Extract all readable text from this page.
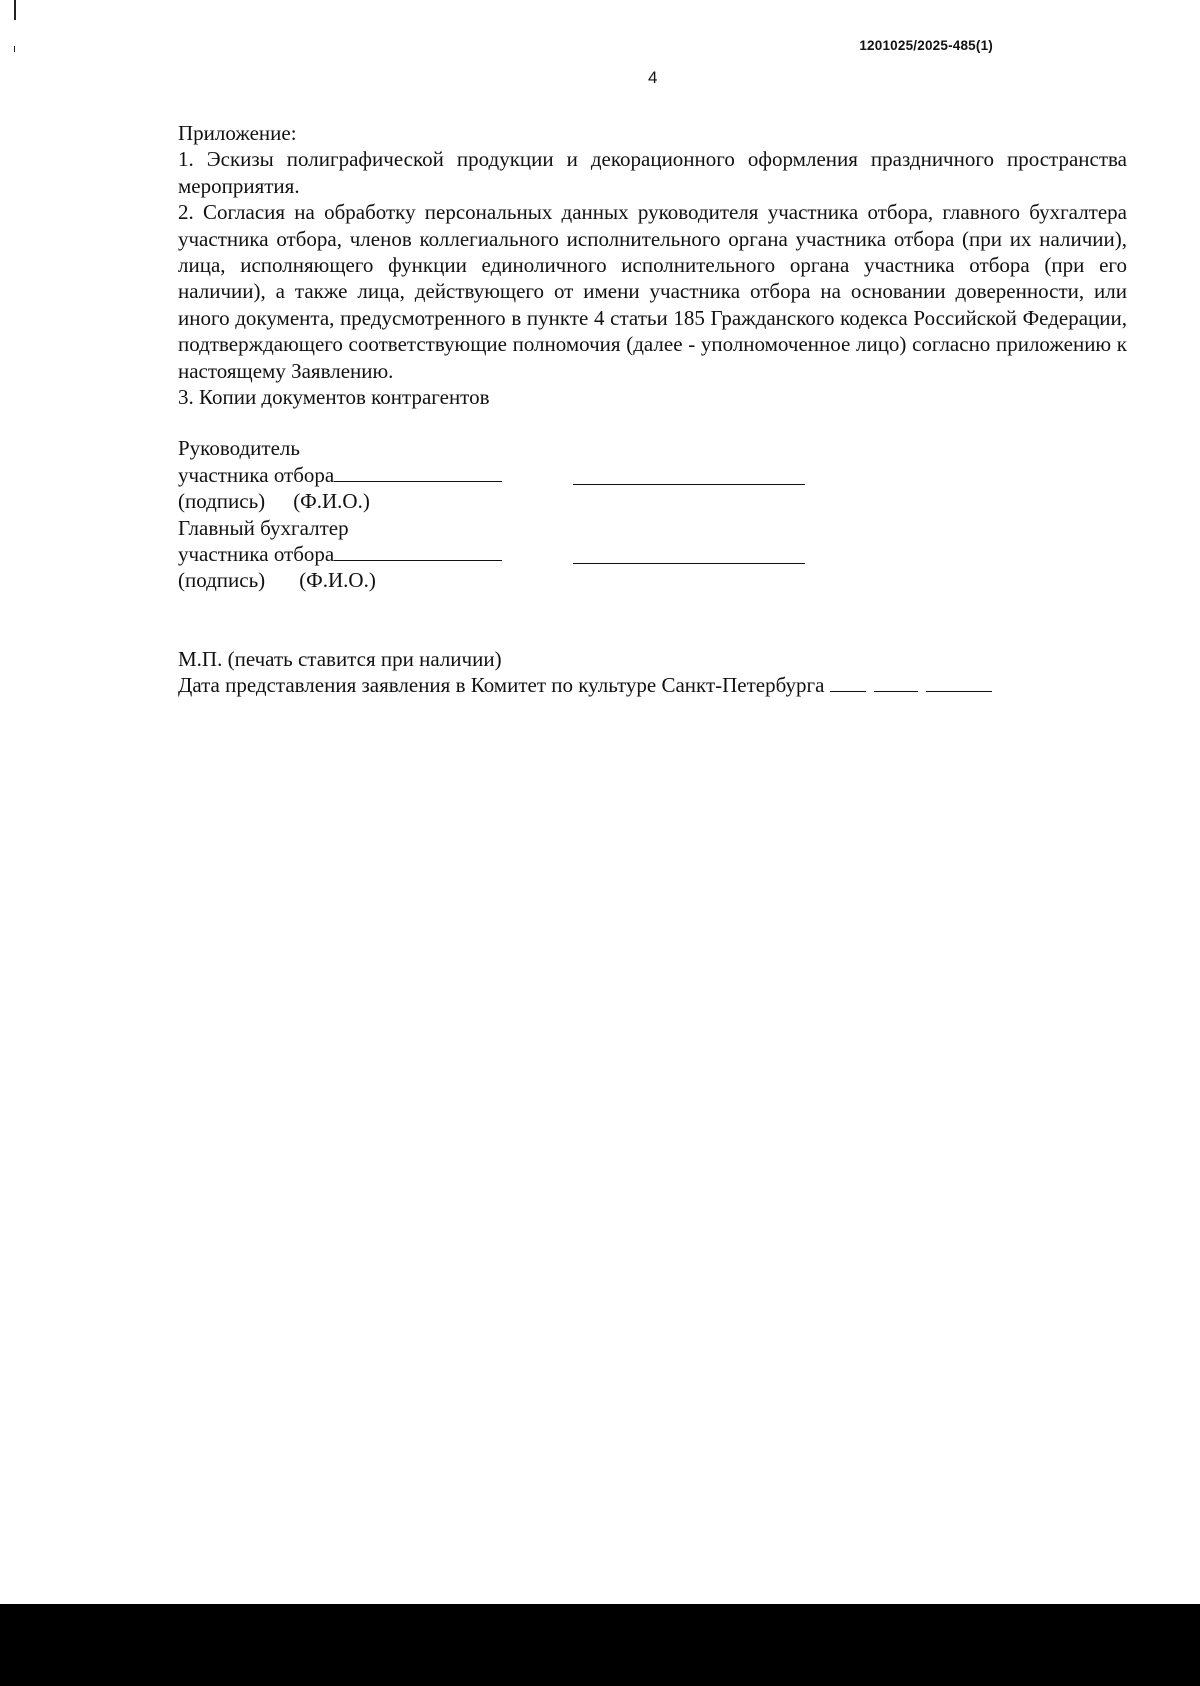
1201025/2025-485(1)
4

Приложение:

1. Эскизы полиграфической продукции и декорационного оформления праздничного пространства мероприятия.

2. Согласия на обработку персональных данных руководителя участника отбора, главного бухгалтера участника отбора, членов коллегиального исполнительного органа участника отбора (при их наличии), лица, исполняющего функции единоличного исполнительного органа участника отбора (при его наличии), а также лица, действующего от имени участника отбора на основании доверенности, или иного документа, предусмотренного в пункте 4 статьи 185 Гражданского кодекса Российской Федерации, подтверждающего соответствующие полномочия (далее - уполномоченное лицо) согласно приложению к настоящему Заявлению.

3. Копии документов контрагентов

Руководитель
участника отбора
(подпись) (Ф.И.О.)
Главный бухгалтер
участника отбора
(подпись) (Ф.И.О.)
М.П. (печать ставится при наличии)
Дата представления заявления в Комитет по культуре Санкт-Петербурга
